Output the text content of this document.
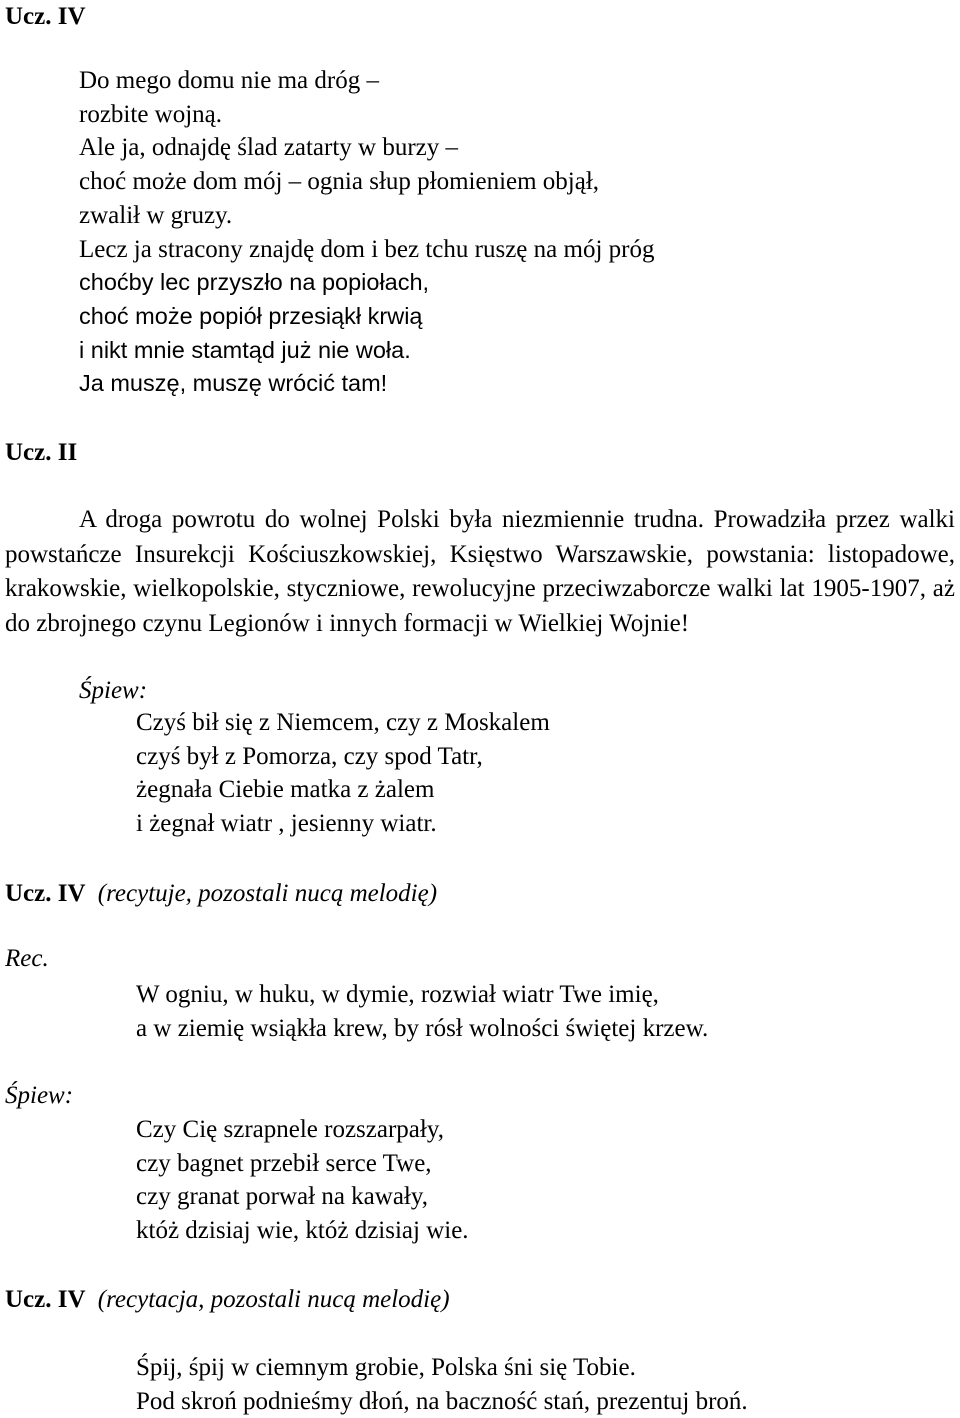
Ucz. IV
Do mego domu nie ma dróg –
rozbite wojną.
Ale ja, odnajdę ślad zatarty w burzy –
choć może dom mój – ognia słup płomieniem objął,
zwalił w gruzy.
Lecz ja stracony znajdę dom i bez tchu ruszę na mój próg
choćby lec przyszło na popiołach,
choć może popiół przesiąkł krwią
i nikt mnie stamtąd już nie woła.
Ja muszę, muszę wrócić tam!
Ucz. II
A droga powrotu do wolnej Polski była niezmiennie trudna. Prowadziła przez walki powstańcze Insurekcji Kościuszkowskiej, Księstwo Warszawskie, powstania: listopadowe, krakowskie, wielkopolskie, styczniowe, rewolucyjne przeciwzaborcze walki lat 1905-1907, aż do zbrojnego czynu Legionów i innych formacji w Wielkiej Wojnie!
Śpiew:
Czyś bił się z Niemcem, czy z Moskalem
czyś był z Pomorza, czy spod Tatr,
żegnała Ciebie matka z żalem
i żegnał wiatr , jesienny wiatr.
Ucz. IV (recytuje, pozostali nucą melodię)
Rec.
W ogniu, w huku, w dymie, rozwiał wiatr Twe imię,
a w ziemię wsiąkła krew, by rósł wolności świętej krzew.
Śpiew:
Czy Cię szrapnele rozszarpały,
czy bagnet przebił serce Twe,
czy granat porwał na kawały,
któż dzisiaj wie, któż dzisiaj wie.
Ucz. IV (recytacja, pozostali nucą melodię)
Śpij, śpij w ciemnym grobie, Polska śni się Tobie.
Pod skroń podnieśmy dłoń, na baczność stań, prezentuj broń.
